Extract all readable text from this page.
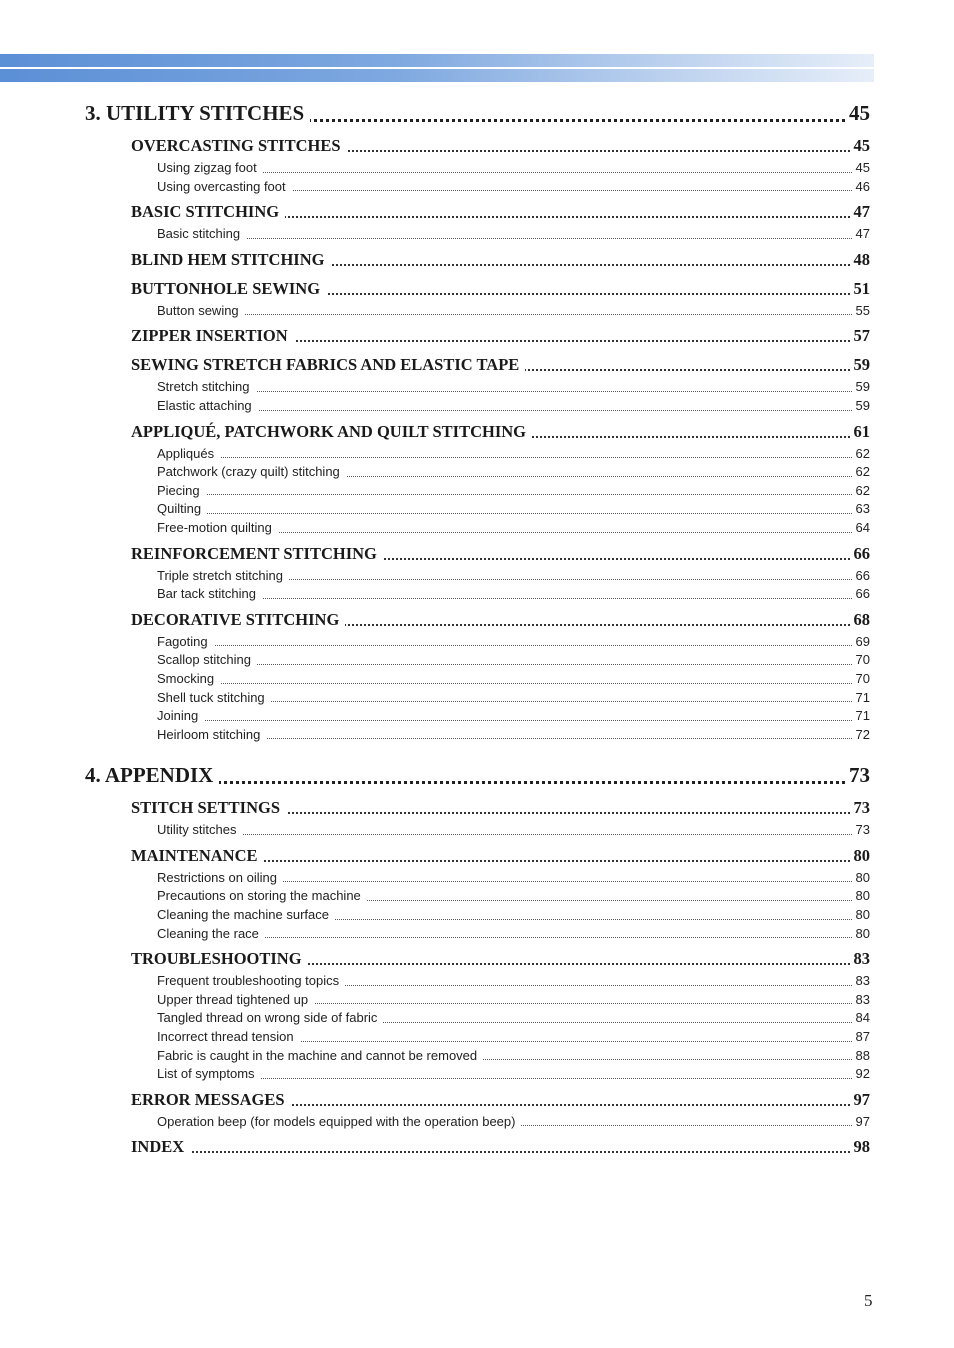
3. UTILITY STITCHES	45
OVERCASTING STITCHES	45
Using zigzag foot	45
Using overcasting foot	46
BASIC STITCHING	47
Basic stitching	47
BLIND HEM STITCHING	48
BUTTONHOLE SEWING	51
Button sewing	55
ZIPPER INSERTION	57
SEWING STRETCH FABRICS AND ELASTIC TAPE	59
Stretch stitching	59
Elastic attaching	59
APPLIQUÉ, PATCHWORK AND QUILT STITCHING	61
Appliqués	62
Patchwork (crazy quilt) stitching	62
Piecing	62
Quilting	63
Free-motion quilting	64
REINFORCEMENT STITCHING	66
Triple stretch stitching	66
Bar tack stitching	66
DECORATIVE STITCHING	68
Fagoting	69
Scallop stitching	70
Smocking	70
Shell tuck stitching	71
Joining	71
Heirloom stitching	72
4. APPENDIX	73
STITCH SETTINGS	73
Utility stitches	73
MAINTENANCE	80
Restrictions on oiling	80
Precautions on storing the machine	80
Cleaning the machine surface	80
Cleaning the race	80
TROUBLESHOOTING	83
Frequent troubleshooting topics	83
Upper thread tightened up	83
Tangled thread on wrong side of fabric	84
Incorrect thread tension	87
Fabric is caught in the machine and cannot be removed	88
List of symptoms	92
ERROR MESSAGES	97
Operation beep (for models equipped with the operation beep)	97
INDEX	98
5
